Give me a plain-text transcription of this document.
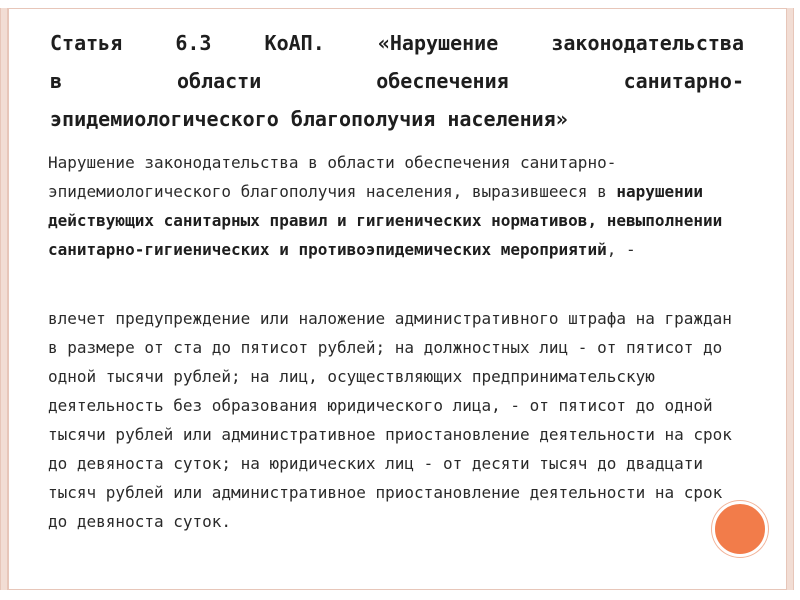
Статья 6.3 КоАП. «Нарушение законодательства
в области обеспечения санитарно-
эпидемиологического благополучия населения»
Нарушение законодательства в области обеспечения санитарно-эпидемиологического благополучия населения, выразившееся в нарушении действующих санитарных правил и гигиенических нормативов, невыполнении санитарно-гигиенических и противоэпидемических мероприятий, -
влечет предупреждение или наложение административного штрафа на граждан в размере от ста до пятисот рублей; на должностных лиц - от пятисот до одной тысячи рублей; на лиц, осуществляющих предпринимательскую деятельность без образования юридического лица, - от пятисот до одной тысячи рублей или административное приостановление деятельности на срок до девяноста суток; на юридических лиц - от десяти тысяч до двадцати тысяч рублей или административное приостановление деятельности на срок до девяноста суток.
